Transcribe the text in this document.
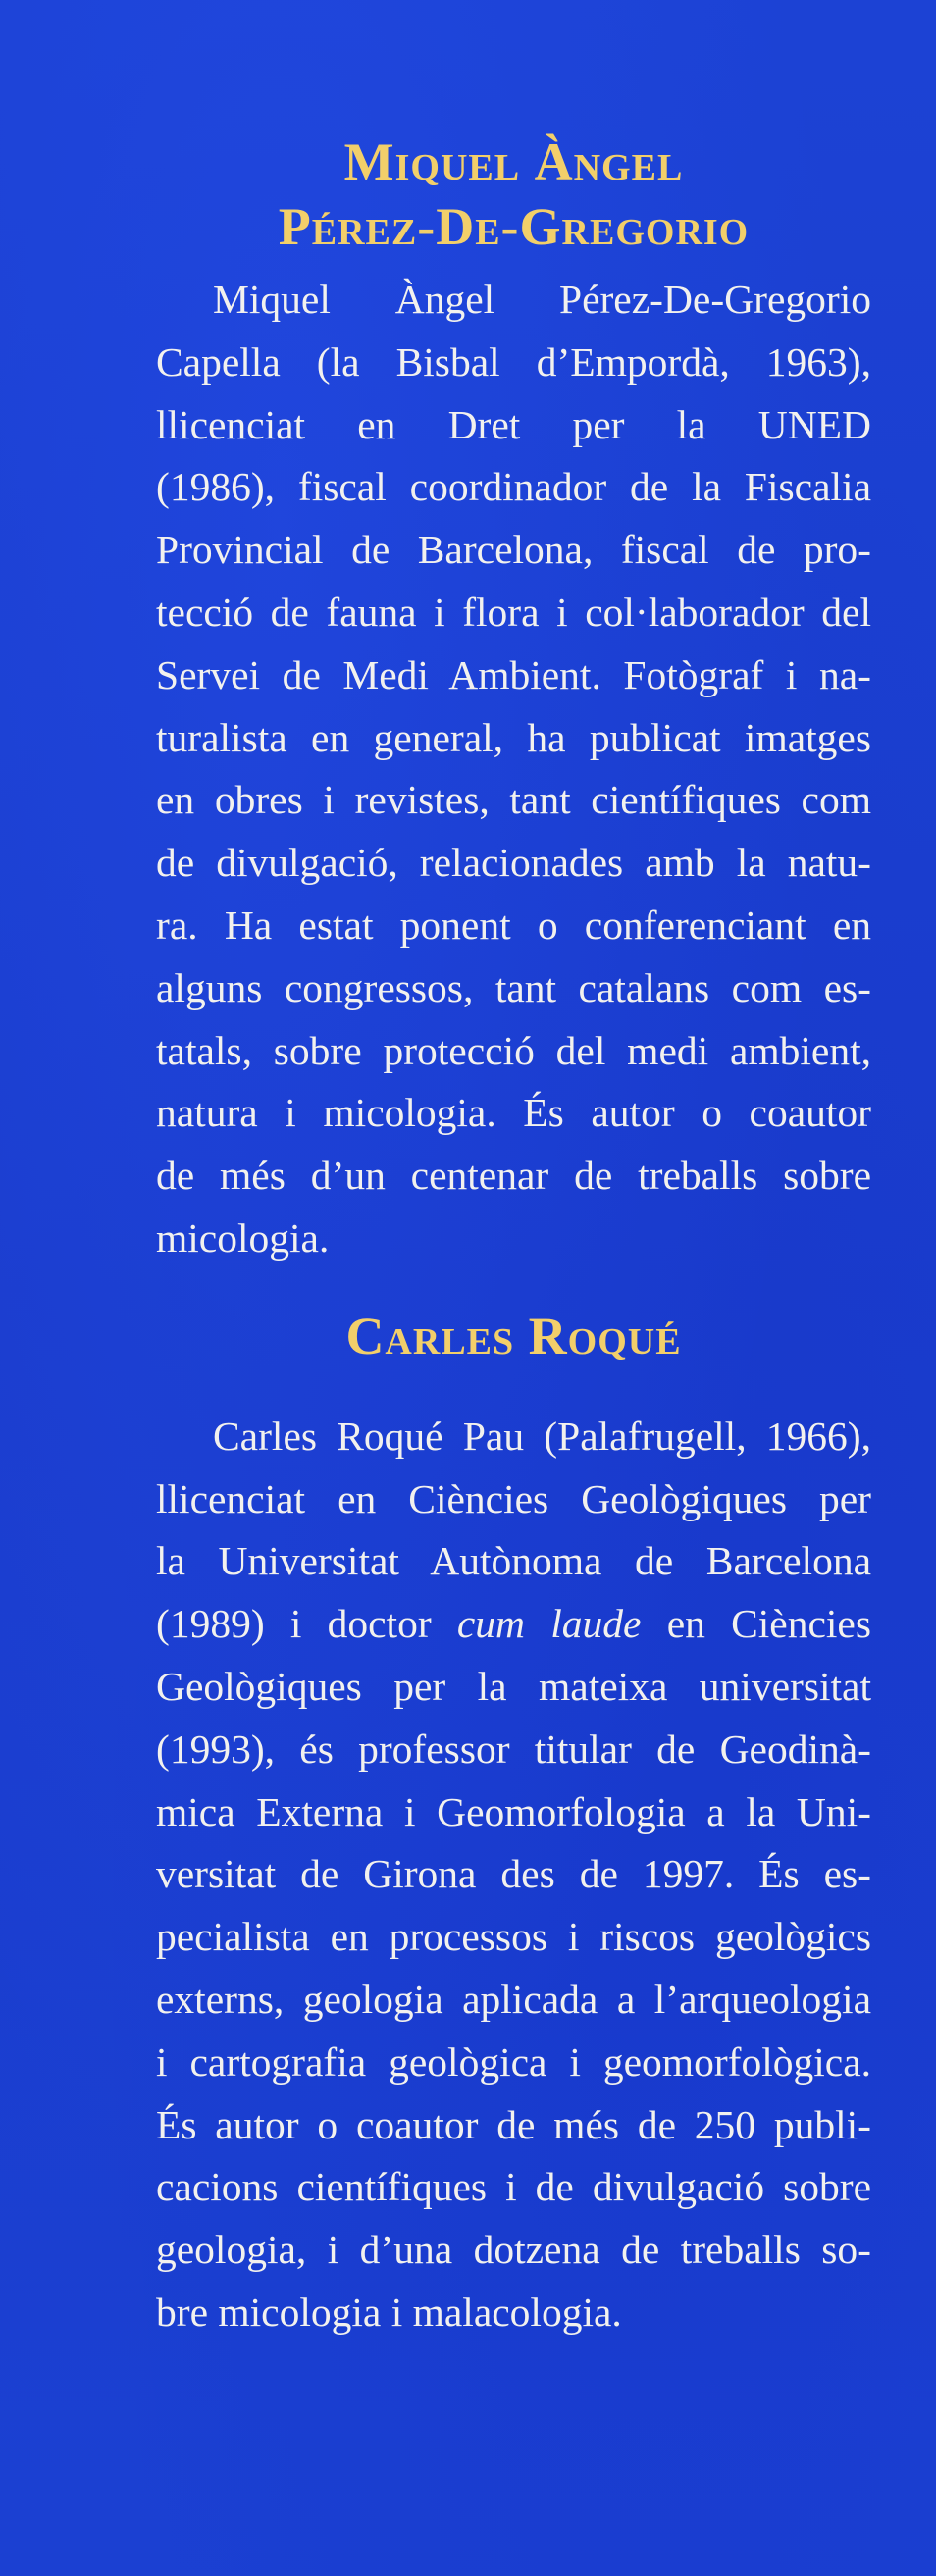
Miquel Àngel
Pérez-De-Gregorio
Miquel Àngel Pérez-De-Gregorio
Capella (la Bisbal d’Empordà, 1963),
llicenciat en Dret per la UNED
(1986), fiscal coordinador de la Fiscalia
Provincial de Barcelona, fiscal de pro-
tecció de fauna i flora i col·laborador del
Servei de Medi Ambient. Fotògraf i na-
turalista en general, ha publicat imatges
en obres i revistes, tant científiques com
de divulgació, relacionades amb la natu-
ra. Ha estat ponent o conferenciant en
alguns congressos, tant catalans com es-
tatals, sobre protecció del medi ambient,
natura i micologia. És autor o coautor
de més d’un centenar de treballs sobre
micologia.
Carles Roqué
Carles Roqué Pau (Palafrugell, 1966),
llicenciat en Ciències Geològiques per
la Universitat Autònoma de Barcelona
(1989) i doctor cum laude en Ciències
Geològiques per la mateixa universitat
(1993), és professor titular de Geodinà-
mica Externa i Geomorfologia a la Uni-
versitat de Girona des de 1997. És es-
pecialista en processos i riscos geològics
externs, geologia aplicada a l’arqueologia
i cartografia geològica i geomorfològica.
És autor o coautor de més de 250 publi-
cacions científiques i de divulgació sobre
geologia, i d’una dotzena de treballs so-
bre micologia i malacologia.
